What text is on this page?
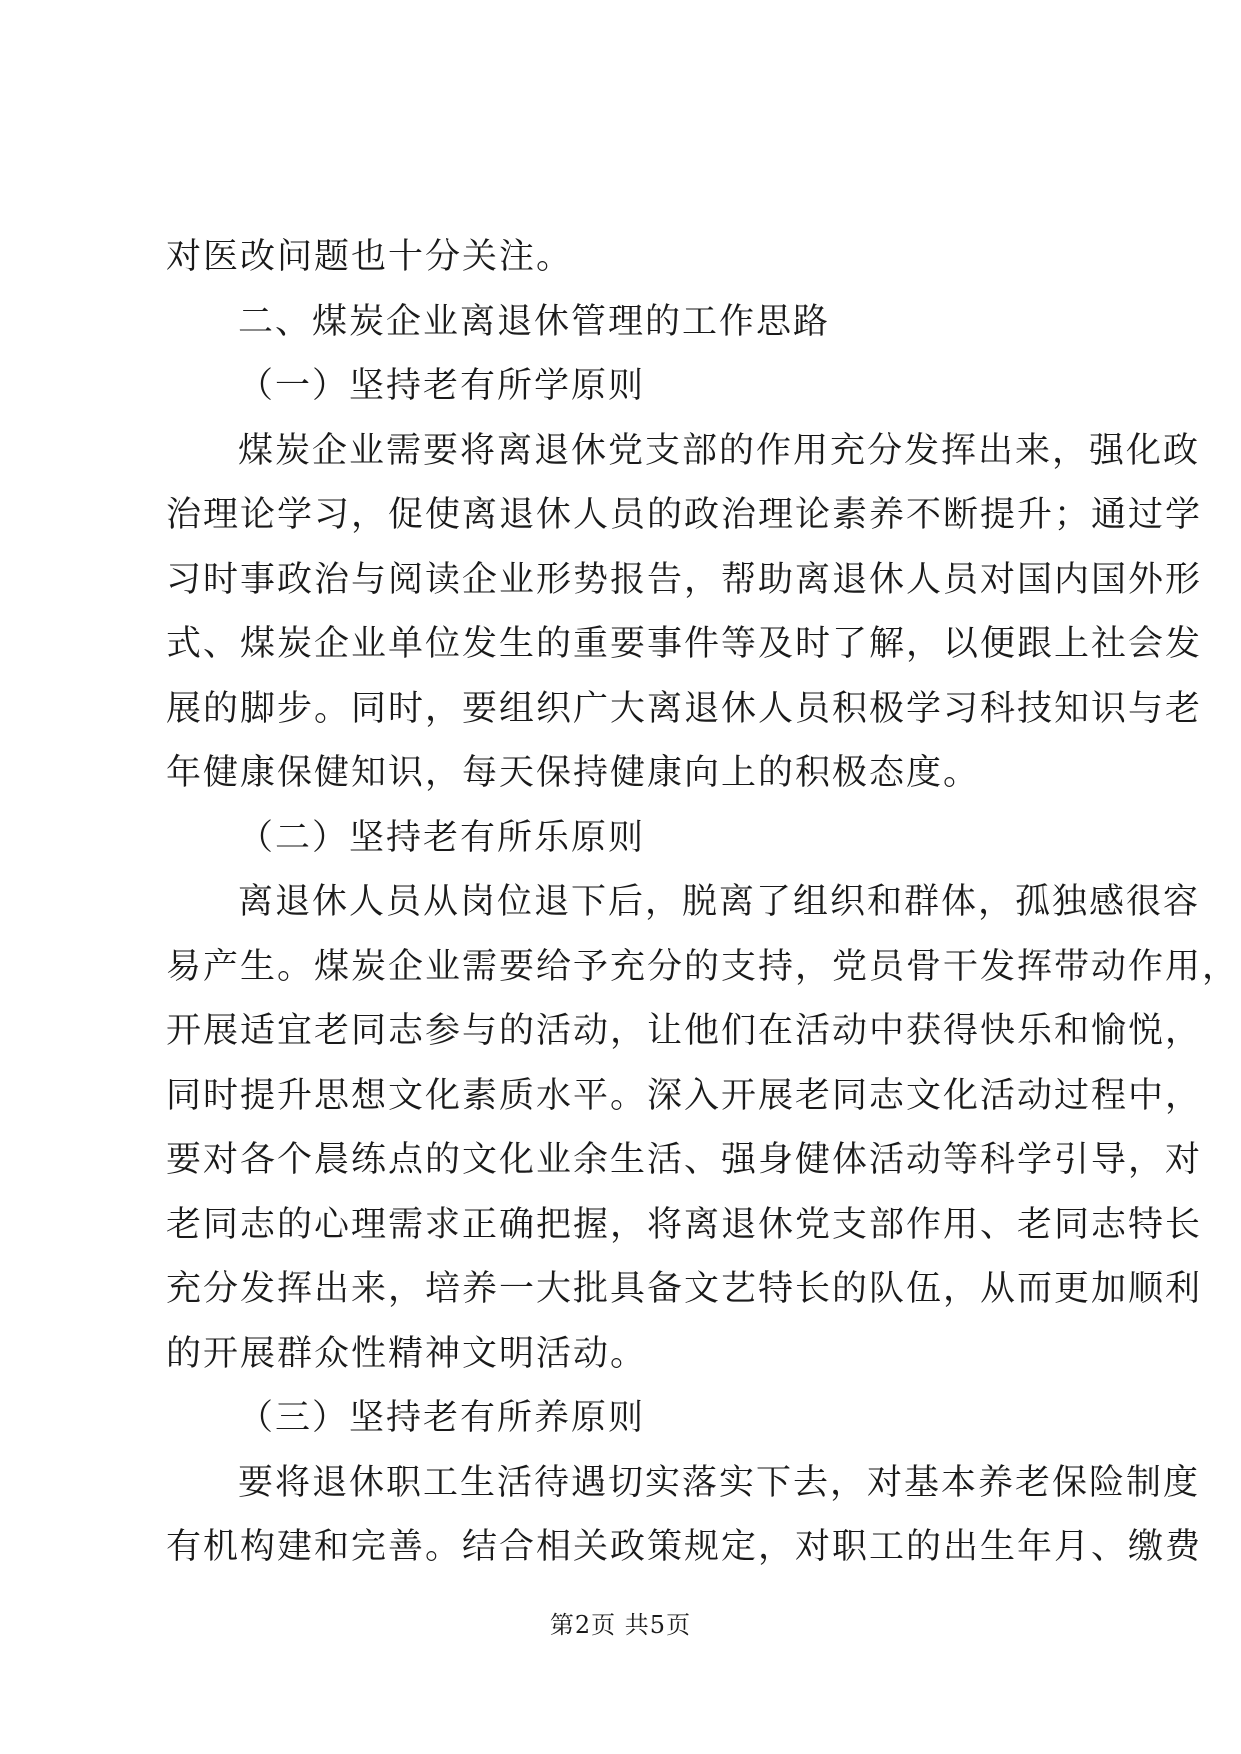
对医改问题也十分关注。
二、煤炭企业离退休管理的工作思路
（一）坚持老有所学原则
煤炭企业需要将离退休党支部的作用充分发挥出来，强化政
治理论学习，促使离退休人员的政治理论素养不断提升；通过学
习时事政治与阅读企业形势报告，帮助离退休人员对国内国外形
式、煤炭企业单位发生的重要事件等及时了解，以便跟上社会发
展的脚步。同时，要组织广大离退休人员积极学习科技知识与老
年健康保健知识，每天保持健康向上的积极态度。
（二）坚持老有所乐原则
离退休人员从岗位退下后，脱离了组织和群体，孤独感很容
易产生。煤炭企业需要给予充分的支持，党员骨干发挥带动作用，
开展适宜老同志参与的活动，让他们在活动中获得快乐和愉悦，
同时提升思想文化素质水平。深入开展老同志文化活动过程中，
要对各个晨练点的文化业余生活、强身健体活动等科学引导，对
老同志的心理需求正确把握，将离退休党支部作用、老同志特长
充分发挥出来，培养一大批具备文艺特长的队伍，从而更加顺利
的开展群众性精神文明活动。
（三）坚持老有所养原则
要将退休职工生活待遇切实落实下去，对基本养老保险制度
有机构建和完善。结合相关政策规定，对职工的出生年月、缴费
第2页 共5页
